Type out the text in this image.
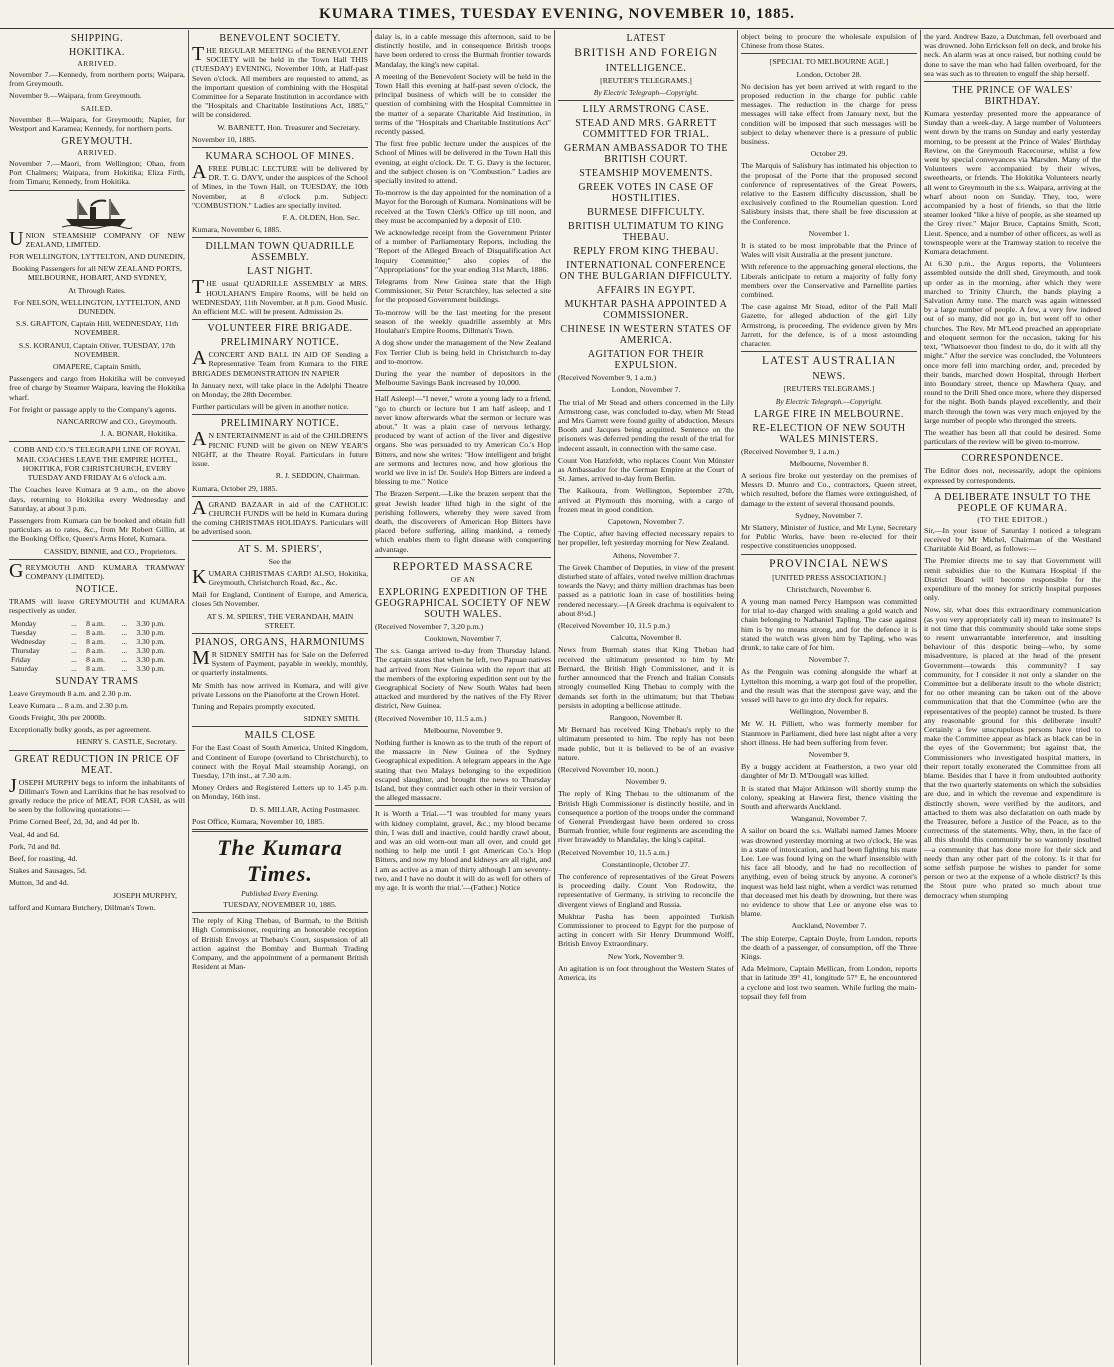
KUMARA TIMES, TUESDAY EVENING, NOVEMBER 10, 1885.
SHIPPING.
HOKITIKA.
ARRIVED.
November 7.—Kennedy, from northern ports; Waipara, from Greymouth.
November 9.—Waipara, from Greymouth.
SAILED.
November 8.—Waipara, for Greymouth; Napier, for Westport and Karamea; Kennedy, for northern ports.
GREYMOUTH.
ARRIVED.
November 7.—Maori, from Wellington; Ohau, from Port Chalmers; Waipara, from Hokitika; Eliza Firth, from Timaru; Kennedy, from Hokitika.
UNION STEAMSHIP COMPANY OF NEW ZEALAND, LIMITED.
FOR WELLINGTON, LYTTELTON, AND DUNEDIN,
Booking Passengers for all NEW ZEALAND PORTS, MELBOURNE, HOBART, AND SYDNEY,
At Through Rates.
For NELSON, WELLINGTON, LYTTELTON, AND DUNEDIN.
S.S. GRAFTON, Captain Hill, WEDNESDAY, 11th NOVEMBER.
S.S. KORANUI, Captain Oliver, TUESDAY, 17th NOVEMBER.
OMAPERE, Captain Smith,
Passengers and cargo from Hokitika will be conveyed free of charge by Steamer Waipara, leaving the Hokitika wharf.
For freight or passage apply to the Company's agents.
NANCARROW and CO., Greymouth.
J. A. BONAR, Hokitika.
COBB AND CO.'S TELEGRAPH LINE OF ROYAL MAIL COACHES LEAVE THE EMPIRE HOTEL, HOKITIKA, FOR CHRISTCHURCH, EVERY TUESDAY AND FRIDAY At 6 o'clock a.m.
The Coaches leave Kumara at 9 a.m., on the above days, returning to Hokitika every Wednesday and Saturday, at about 3 p.m.
Passengers from Kumara can be booked and obtain full particulars as to rates, &c., from Mr Robert Gillin, at the Booking Office, Queen's Arms Hotel, Kumara.
CASSIDY, BINNIE, and CO., Proprietors.
GREYMOUTH AND KUMARA TRAMWAY COMPANY (LIMITED).
NOTICE.
TRAMS will leave GREYMOUTH and KUMARA respectively as under.
Monday	...	8 a.m.	...	3.30 p.m.
Tuesday	...	8 a.m.	...	3.30 p.m.
Wednesday	...	8 a.m.	...	3.30 p.m.
Thursday	...	8 a.m.	...	3.30 p.m.
Friday	...	8 a.m.	...	3.30 p.m.
Saturday	...	8 a.m.	...	3.30 p.m.
SUNDAY TRAMS
Leave Greymouth 8 a.m. and 2.30 p.m.
Leave Kumara ... 8 a.m. and 2.30 p.m.
Goods Freight, 30s per 2000lb.
Exceptionally bulky goods, as per agreement.
HENRY S. CASTLE, Secretary.
GREAT REDUCTION IN PRICE OF MEAT.
JOSEPH MURPHY begs to inform the inhabitants of Dillman's Town and Larrikins that he has resolved to greatly reduce the price of MEAT, FOR CASH, as will be seen by the following quotations:—
Prime Corned Beef, 2d, 3d, and 4d per lb.
Veal, 4d and 6d.
Pork, 7d and 8d.
Beef, for roasting, 4d.
Stakes and Sausages, 5d.
Mutton, 3d and 4d.
JOSEPH MURPHY,
tafford and Kumara Butchery, Dillman's Town.
BENEVOLENT SOCIETY.
THE REGULAR MEETING of the BENEVOLENT SOCIETY will be held in the Town Hall THIS (TUESDAY) EVENING, November 10th, at Half-past Seven o'clock. All members are requested to attend, as the important question of combining with the Hospital Committee for a Separate Institution in accordance with the "Hospitals and Charitable Institutions Act, 1885," will be considered.
W. BARNETT, Hon. Treasurer and Secretary.
November 10, 1885.
KUMARA SCHOOL OF MINES.
AFREE PUBLIC LECTURE will be delivered by DR. T. G. DAVY, under the auspices of the School of Mines, in the Town Hall, on TUESDAY, the 10th November, at 8 o'clock p.m. Subject: "COMBUSTION." Ladies are specially invited.
F. A. OLDEN, Hon. Sec.
Kumara, November 6, 1885.
DILLMAN TOWN QUADRILLE ASSEMBLY.
LAST NIGHT.
THE usual QUADRILLE ASSEMBLY at MRS. HOULAHAN'S Empire Rooms, will be held on WEDNESDAY, 11th November, at 8 p.m. Good Music. An efficient M.C. will be present. Admission 2s.
VOLUNTEER FIRE BRIGADE.
PRELIMINARY NOTICE.
ACONCERT AND BALL IN AID OF Sending a Representative Team from Kumara to the FIRE BRIGADES DEMONSTRATION IN NAPIER
In January next, will take place in the Adelphi Theatre on Monday, the 28th December.
Further particulars will be given in another notice.
PRELIMINARY NOTICE.
AN ENTERTAINMENT in aid of the CHILDREN'S PICNIC FUND will be given on NEW YEAR'S NIGHT, at the Theatre Royal. Particulars in future issue.
R. J. SEDDON, Chairman.
Kumara, October 29, 1885.
AGRAND BAZAAR in aid of the CATHOLIC CHURCH FUNDS will be held in Kumara during the coming CHRISTMAS HOLIDAYS. Particulars will be advertised soon.
AT S. M. SPIERS',
See the
KUMARA CHRISTMAS CARD! ALSO, Hokitika, Greymouth, Christchurch Road, &c., &c.
Mail for England, Continent of Europe, and America, closes 5th November.
AT S. M. SPIERS', THE VERANDAH, MAIN STREET.
PIANOS, ORGANS, HARMONIUMS
MR SIDNEY SMITH has for Sale on the Deferred System of Payment, payable in weekly, monthly, or quarterly instalments.
Mr Smith has now arrived in Kumara, and will give private Lessons on the Pianoforte at the Crown Hotel.
Tuning and Repairs promptly executed.
SIDNEY SMITH.
MAILS CLOSE
For the East Coast of South America, United Kingdom, and Continent of Europe (overland to Christchurch), to connect with the Royal Mail steamship Aorangi, on Tuesday, 17th inst., at 7.30 a.m.
Money Orders and Registered Letters up to 1.45 p.m. on Monday, 16th inst.
D. S. MILLAR, Acting Postmaster.
Post Office, Kumara, November 10, 1885.
The Kumara Times.
Published Every Evening.
TUESDAY, NOVEMBER 10, 1885.
The reply of King Thebau, of Burmah, to the British High Commissioner, requiring an honorable reception of British Envoys at Thebau's Court, suspension of all action against the Bombay and Burmah Trading Company, and the appointment of a permanent British Resident at Man-
dalay is, in a cable message this afternoon, said to be distinctly hostile, and in consequence British troops have been ordered to cross the Burmah frontier towards Mandalay, the king's new capital.
A meeting of the Benevolent Society will be held in the Town Hall this evening at half-past seven o'clock, the principal business of which will be to consider the question of combining with the Hospital Committee in the matter of a separate Charitable Aid Institution, in terms of the "Hospitals and Charitable Institutions Act" recently passed.
The first free public lecture under the auspices of the School of Mines will be delivered in the Town Hall this evening, at eight o'clock. Dr. T. G. Davy is the lecturer, and the subject chosen is on "Combustion." Ladies are specially invited to attend.
To-morrow is the day appointed for the nomination of a Mayor for the Borough of Kumara. Nominations will be received at the Town Clerk's Office up till noon, and they must be accompanied by a deposit of £10.
We acknowledge receipt from the Government Printer of a number of Parliamentary Reports, including the "Report of the Alleged Breach of Disqualification Act Inquiry Committee;" also copies of the "Appropriations" for the year ending 31st March, 1886.
Telegrams from New Guinea state that the High Commissioner, Sir Peter Scratchley, has selected a site for the proposed Government buildings.
To-morrow will be the last meeting for the present season of the weekly quadrille assembly at Mrs Houlahan's Empire Rooms, Dillman's Town.
A dog show under the management of the New Zealand Fox Terrier Club is being held in Christchurch to-day and to-morrow.
During the year the number of depositors in the Melbourne Savings Bank increased by 10,000.
Half Asleep!—"I never," wrote a young lady to a friend, "go to church or lecture but I am half asleep, and I never know afterwards what the sermon or lecture was about." It was a plain case of nervous lethargy, produced by want of action of the liver and digestive organs. She was persuaded to try American Co.'s Hop Bitters, and now she writes: "How intelligent and bright are sermons and lectures now, and how glorious the world we live in is! Dr. Soule's Hop Bitters are indeed a blessing to me." Notice
The Brazen Serpent.—Like the brazen serpent that the great Jewish leader lifted high in the sight of the perishing followers, whereby they were saved from death, the discoverers of American Hop Bitters have placed before suffering, ailing mankind, a remedy which enables them to fight disease with conquering advantage.
REPORTED MASSACRE
OF AN
EXPLORING EXPEDITION OF THE GEOGRAPHICAL SOCIETY OF NEW SOUTH WALES.
(Received November 7, 3.20 p.m.)
Cooktown, November 7.
The s.s. Ganga arrived to-day from Thursday Island. The captain states that when he left, two Papuan natives had arrived from New Guinea with the report that all the members of the exploring expedition sent out by the Geographical Society of New South Wales had been attacked and murdered by the natives of the Fly River district, New Guinea.
(Received November 10, 11.5 a.m.)
Melbourne, November 9.
Nothing further is known as to the truth of the report of the massacre in New Guinea of the Sydney Geographical expedition. A telegram appears in the Age stating that two Malays belonging to the expedition escaped slaughter, and brought the news to Thursday Island, but they contradict each other in their version of the alleged massacre.
It is Worth a Trial.—"I was troubled for many years with kidney complaint, gravel, &c.; my blood became thin, I was dull and inactive, could hardly crawl about, and was an old worn-out man all over, and could get nothing to help me until I got American Co.'s Hop Bitters, and now my blood and kidneys are all right, and I am as active as a man of thirty although I am seventy-two, and I have no doubt it will do as well for others of my age. It is worth the trial.'—(Father.) Notice
LATEST
BRITISH AND FOREIGN
INTELLIGENCE.
[REUTER'S TELEGRAMS.]
By Electric Telegraph—Copyright.
LILY ARMSTRONG CASE.
STEAD AND MRS. GARRETT COMMITTED FOR TRIAL.
GERMAN AMBASSADOR TO THE BRITISH COURT.
STEAMSHIP MOVEMENTS.
GREEK VOTES IN CASE OF HOSTILITIES.
BURMESE DIFFICULTY.
BRITISH ULTIMATUM TO KING THEBAU.
REPLY FROM KING THEBAU.
INTERNATIONAL CONFERENCE ON THE BULGARIAN DIFFICULTY.
AFFAIRS IN EGYPT.
MUKHTAR PASHA APPOINTED A COMMISSIONER.
CHINESE IN WESTERN STATES OF AMERICA.
AGITATION FOR THEIR EXPULSION.
(Received November 9, 1 a.m.)
London, November 7.
The trial of Mr Stead and others concerned in the Lily Armstrong case, was concluded to-day, when Mr Stead and Mrs Garrett were found guilty of abduction, Messrs Booth and Jacques being acquitted. Sentence on the prisoners was deferred pending the result of the trial for indecent assault, in connection with the same case.
Count Von Hatzfeldt, who replaces Count Von Münster as Ambassador for the German Empire at the Court of St. James, arrived to-day from Berlin.
The Kaikoura, from Wellington, September 27th, arrived at Plymouth this morning, with a cargo of frozen meat in good condition.
Capetown, November 7.
The Coptic, after having effected necessary repairs to her propeller, left yesterday morning for New Zealand.
Athens, November 7.
The Greek Chamber of Deputies, in view of the present disturbed state of affairs, voted twelve million drachmas towards the Navy; and thirty million drachmas has been passed as a patriotic loan in case of hostilities being rendered necessary.—[A Greek drachma is equivalent to about 8½d.]
(Received November 10, 11.5 p.m.)
Calcutta, November 8.
News from Burmah states that King Thebau had received the ultimatum presented to him by Mr Bernard, the British High Commissioner, and it is further announced that the French and Italian Consuls strongly counselled King Thebau to comply with the demands set forth in the ultimatum; but that Thebau persists in adopting a bellicose attitude.
Rangoon, November 8.
Mr Bernard has received King Thebau's reply to the ultimatum presented to him. The reply has not been made public, but it is believed to be of an evasive nature.
(Received November 10, noon.)
November 9.
The reply of King Thebau to the ultimatum of the British High Commissioner is distinctly hostile, and in consequence a portion of the troops under the command of General Prendergast have been ordered to cross Burmah frontier, while four regiments are ascending the river Irrawaddy to Mandalay, the king's capital.
(Received November 10, 11.5 a.m.)
Constantinople, October 27.
The conference of representatives of the Great Powers is proceeding daily. Count Von Rodowitz, the representative of Germany, is striving to reconcile the divergent views of England and Russia.
Mukhtar Pasha has been appointed Turkish Commissioner to proceed to Egypt for the purpose of acting in concert with Sir Henry Drummond Wolff, British Envoy Extraordinary.
New York, November 9.
An agitation is on foot throughout the Western States of America, its
object being to procure the wholesale expulsion of Chinese from those States.
[SPECIAL TO MELBOURNE AGE.]
London, October 28.
No decision has yet been arrived at with regard to the proposed reduction in the charge for public cable messages. The reduction in the charge for press messages will take effect from January next, but the condition will be imposed that such messages will be subject to delay whenever there is a pressure of public business.
October 29.
The Marquis of Salisbury has intimated his objection to the proposal of the Porte that the proposed second conference of representatives of the Great Powers, relative to the Eastern difficulty discussion, shall be exclusively confined to the Roumelian question. Lord Salisbury insists that, there shall be free discussion at the Conference.
November 1.
It is stated to be most improbable that the Prince of Wales will visit Australia at the present juncture.
With reference to the approaching general elections, the Liberals anticipate to return a majority of fully forty members over the Conservative and Parnellite parties combined.
The case against Mr Stead, editor of the Pall Mall Gazette, for alleged abduction of the girl Lily Armstrong, is proceeding. The evidence given by Mrs Jarrett, for the defence, is of a most astounding character.
LATEST AUSTRALIAN
NEWS.
[REUTERS TELEGRAMS.]
By Electric Telegraph.—Copyright.
LARGE FIRE IN MELBOURNE.
RE-ELECTION OF NEW SOUTH WALES MINISTERS.
(Received November 9, 1 a.m.)
Melbourne, November 8.
A serious fire broke out yesterday on the premises of Messrs D. Munro and Co., contractors, Queen street, which resulted, before the flames were extinguished, of damage to the extent of several thousand pounds.
Sydney, November 7.
Mr Slattery, Minister of Justice, and Mr Lyne, Secretary for Public Works, have been re-elected for their respective constituencies unopposed.
PROVINCIAL NEWS
[UNITED PRESS ASSOCIATION.]
Christchurch, November 6.
A young man named Percy Hampson was committed for trial to-day charged with stealing a gold watch and chain belonging to Nathaniel Tapling. The case against him is by no means strong, and for the defence it is stated the watch was given him by Tapling, who was drunk, to take care of for him.
November 7.
As the Penguin was coming alongside the wharf at Lyttelton this morning, a warp got foul of the propeller, and the result was that the sternpost gave way, and the vessel will have to go into dry dock for repairs.
Wellington, November 8.
Mr W. H. Pilliett, who was formerly member for Stanmore in Parliament, died here last night after a very short illness. He had been suffering from fever.
November 9.
By a buggy accident at Featherston, a two year old daughter of Mr D. M'Dougall was killed.
It is stated that Major Atkinson will shortly stump the colony, speaking at Hawera first, thence visiting the South and afterwards Auckland.
Wanganui, November 7.
A sailor on board the s.s. Wallabi named James Moore was drowned yesterday morning at two o'clock. He was in a state of intoxication, and had been fighting his mate Lee. Lee was found lying on the wharf insensible with his face all bloody, and he had no recollection of anything, even of being struck by anyone. A coroner's inquest was held last night, when a verdict was returned that deceased met his death by drowning, but there was no evidence to show that Lee or anyone else was to blame.
Auckland, November 7.
The ship Euterpe, Captain Doyle, from London, reports the death of a passenger, of consumption, off the Three Kings.
Ada Melmore, Captain Mellican, from London, reports that in latitude 39° 41, longitude 57° E, he encountered a cyclone and lost two seamen. While furling the main-topsail they fell from
the yard. Andrew Baze, a Dutchman, fell overboard and was drowned. John Errickson fell on deck, and broke his neck. An alarm was at once raised, but nothing could be done to save the man who had fallen overboard, for the sea was such as to threaten to engulf the ship herself.
THE PRINCE OF WALES' BIRTHDAY.
Kumara yesterday presented more the appearance of Sunday than a week-day. A large number of Volunteers went down by the trams on Sunday and early yesterday morning, to be present at the Prince of Wales' Birthday Review, on the Greymouth Racecourse, whilst a few went by special conveyances via Marsden. Many of the Volunteers were accompanied by their wives, sweethearts, or friends. The Hokitika Volunteers nearly all went to Greymouth in the s.s. Waipara, arriving at the wharf about noon on Sunday. They, too, were accompanied by a host of friends, so that the little steamer looked "like a hive of people, as she steamed up the Grey river." Major Bruce, Captains Smith, Scott, Lieut. Spence, and a number of other officers, as well as townspeople were at the Tramway station to receive the Kumara detachment.
At 6.30 p.m., the Argus reports, the Volunteers assembled outside the drill shed, Greymouth, and took up order as in the morning, after which they were marched to Trinity Church, the bands playing a Salvation Army tune. The march was again witnessed by a large number of people. A few, a very few indeed out of so many, did not go in, but went off to other churches. The Rev. Mr M'Leod preached an appropriate and eloquent sermon for the occasion, taking for his text, "Whatsoever thou findest to do, do it with all thy might." After the service was concluded, the Volunteers once more fell into marching order, and, preceded by their bands, marched down Hospital, through Herbert into Boundary street, thence up Mawhera Quay, and round to the Drill Shed once more, where they dispersed for the night. Both bands played excellently, and their march through the town was very much enjoyed by the large number of people who thronged the streets.
The weather has been all that could be desired. Some particulars of the review will be given to-morrow.
CORRESPONDENCE.
The Editor does not, necessarily, adopt the opinions expressed by correspondents.
A DELIBERATE INSULT TO THE PEOPLE OF KUMARA.
(TO THE EDITOR.)
Sir,—In your issue of Saturday I noticed a telegram received by Mr Michel, Chairman of the Westland Charitable Aid Board, as follows:—
The Premier directs me to say that Government will remit subsidies due to the Kumara Hospital if the District Board will become responsible for the expenditure of the money for strictly hospital purposes only.
Now, sir, what does this extraordinary communication (as you very appropriately call it) mean to insinuate? Is it not time that this community should take some steps to resent unwarrantable interference, and insulting behaviour of this despotic being—who, by some misadventure, is placed at the head of the present Government—towards this community? I say community, for I consider it not only a slander on the Committee but a deliberate insult to the whole district; for no other meaning can be taken out of the above communication that that the Committee (who are the representatives of the people) cannot be trusted. Is there any reasonable ground for this deliberate insult? Certainly a few unscrupulous persons have tried to make the Committee appear as black as black can be in the eyes of the Government; but against that, the Commissioners who investigated hospital matters, in their report totally exonerated the Committee from all blame. Besides that I have it from undoubted authority that the two quarterly statements on which the subsidies are due, and in which the revenue and expenditure is distinctly shown, were verified by the auditors, and attached to them was also declaration on oath made by the Treasurer, before a Justice of the Peace, as to the correctness of the statements. Why, then, in the face of all this should this community be so wantonly insulted—a community that has done more for their sick and needy than any other part of the colony. Is it that for some selfish purpose he wishes to pander for some person or two at the expense of a whole district? Is this the Stout pure who prated so much about true democracy when stumping
